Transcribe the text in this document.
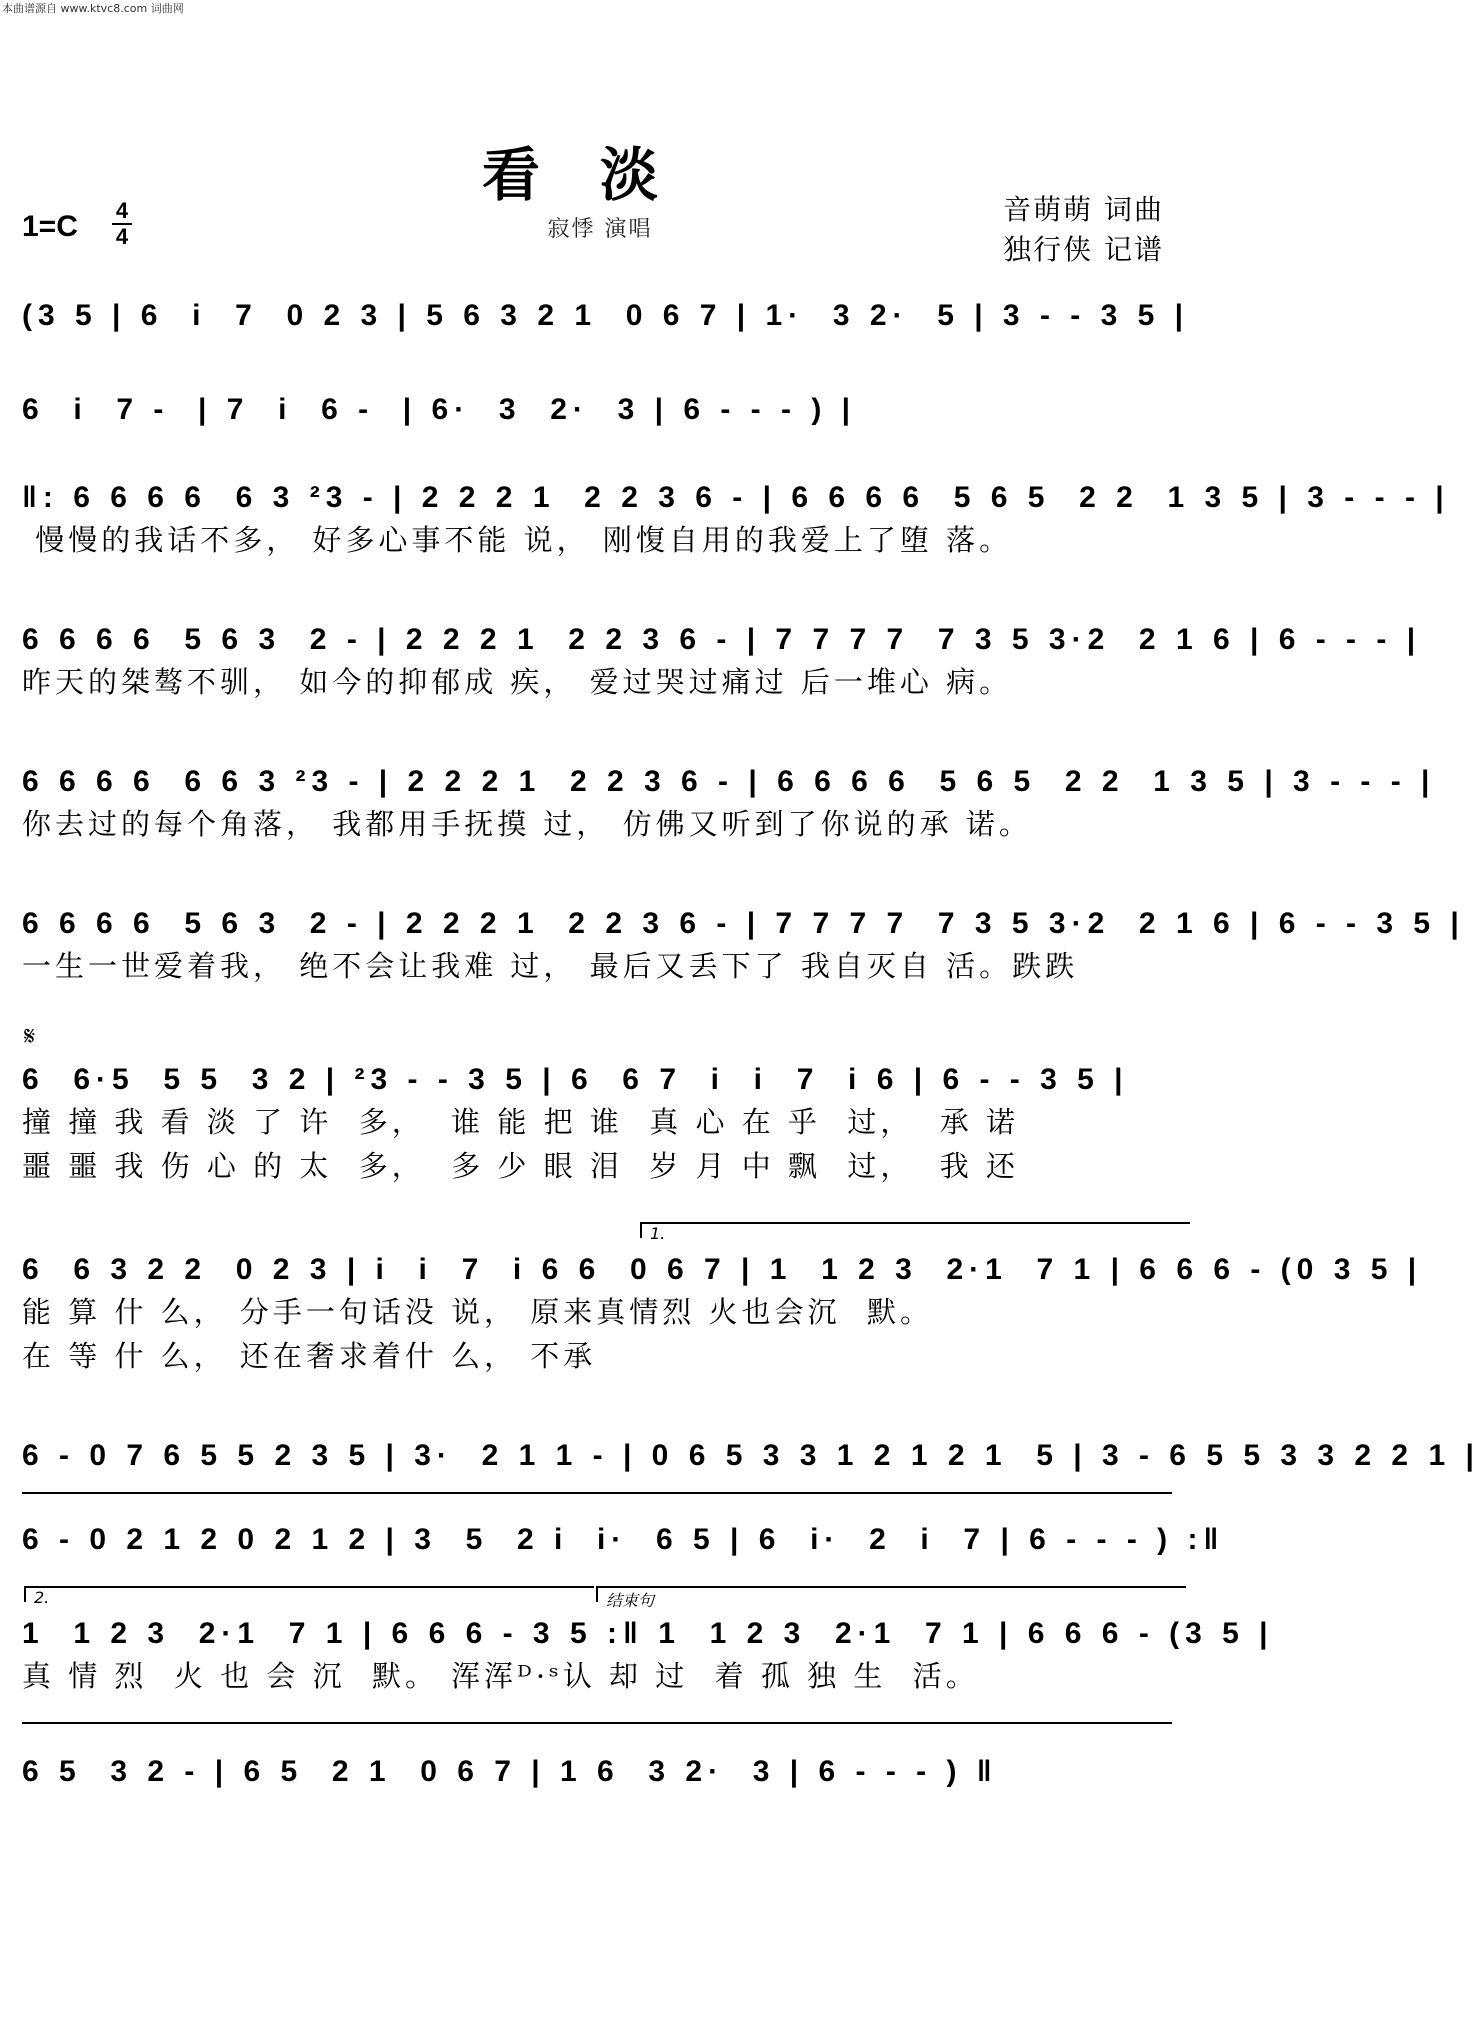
本曲谱源自 www.ktvc8.com 词曲网
看淡
寂悸 演唱
音萌萌 词曲
独行侠 记谱
1=C 4
4
𝄋
(3 5 | 6  i  7  0 2 3 | 5 6 3 2 1  0 6 7 | 1·  3 2·  5 | 3 - - 3 5 |
6  i  7 -  | 7  i  6 -  | 6·  3  2·  3 | 6 - - - ) |
‖: 6 6 6 6  6 3 ²3 - | 2 2 2 1  2 2 3 6 - | 6 6 6 6  5 6 5  2 2  1 3 5 | 3 - - - |
慢慢的我话不多， 好多心事不能 说， 刚愎自用的我爱上了堕 落。
6 6 6 6  5 6 3  2 - | 2 2 2 1  2 2 3 6 - | 7 7 7 7  7 3 5 3·2  2 1 6 | 6 - - - |
昨天的桀骜不驯， 如今的抑郁成 疾， 爱过哭过痛过 后一堆心 病。
6 6 6 6  6 6 3 ²3 - | 2 2 2 1  2 2 3 6 - | 6 6 6 6  5 6 5  2 2  1 3 5 | 3 - - - |
你去过的每个角落， 我都用手抚摸 过， 仿佛又听到了你说的承 诺。
6 6 6 6  5 6 3  2 - | 2 2 2 1  2 2 3 6 - | 7 7 7 7  7 3 5 3·2  2 1 6 | 6 - - 3 5 |
一生一世爱着我， 绝不会让我难 过， 最后又丢下了 我自灭自 活。跌跌
6  6·5  5 5  3 2 | ²3 - - 3 5 | 6  6 7  i  i  7  i 6 | 6 - - 3 5 |
撞 撞 我 看 淡 了 许  多，  谁 能 把 谁  真 心 在 乎  过，  承 诺
噩 噩 我 伤 心 的 太  多，  多 少 眼 泪  岁 月 中 飘  过，  我 还
1.
6  6 3 2 2  0 2 3 | i  i  7  i 6 6  0 6 7 | 1  1 2 3  2·1  7 1 | 6 6 6 - (0 3 5 |
能 算 什 么， 分手一句话没 说， 原来真情烈 火也会沉  默。
在 等 什 么， 还在奢求着什 么， 不承
6 - 0 7 6 5 5 2 3 5 | 3·  2 1 1 - | 0 6 5 3 3 1 2 1 2 1  5 | 3 - 6 5 5 3 3 2 2 1 |
6 - 0 2 1 2 0 2 1 2 | 3  5  2 i  i·  6 5 | 6  i·  2  i  7 | 6 - - - ) :‖
2.	结束句
1  1 2 3  2·1  7 1 | 6 6 6 - 3 5 :‖ 1  1 2 3  2·1  7 1 | 6 6 6 - (3 5 |
真 情 烈  火 也 会 沉  默。 浑浑ᴰ·ˢ认 却 过  着 孤 独 生  活。
6 5  3 2 - | 6 5  2 1  0 6 7 | 1 6  3 2·  3 | 6 - - - ) ‖
